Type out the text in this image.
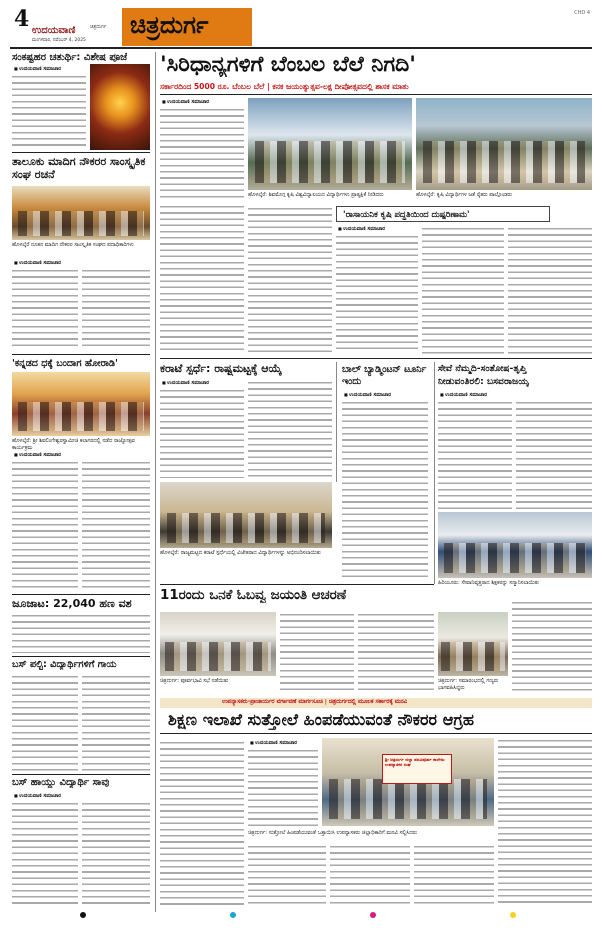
4 ಉದಯವಾಣಿ
ಮಂಗಳವಾರ, ನವೆಂಬರ್ 4, 2025
ಚಿತ್ರದುರ್ಗ ಚಿತ್ರದುರ್ಗ	CHD 4
ಸಂಕಷ್ಟಹರ ಚತುರ್ಥಿ: ವಿಶೇಷ ಪೂಜೆ
■ ಉದಯವಾಣಿ ಸಮಾಚಾರ
ತಾಲೂಕು ಮಾದಿಗ ನೌಕರರ ಸಾಂಸ್ಕೃತಿಕ ಸಂಘ ರಚನೆ
ಹೊಳಲ್ಕೆರೆ ನೂತನ ಮಾದಿಗ ನೌಕರರ ಸಾಂಸ್ಕೃತಿಕ ಸಂಘದ ಪದಾಧಿಕಾರಿಗಳು
■ ಉದಯವಾಣಿ ಸಮಾಚಾರ
'ಕನ್ನಡದ ಧಕ್ಕೆ ಬಂದಾಗ ಹೋರಾಡಿ'
ಹೊಳಲ್ಕೆರೆ: ಶ್ರೀ ಶಿವಲಿಂಗೇಶ್ವರಸ್ವಾಮೀಜಿ ಕಲಾಗರದಲ್ಲಿ ನಡೆದ ರಾಜ್ಯೋತ್ಸವ ಕಾರ್ಯಕ್ರಮ
■ ಉದಯವಾಣಿ ಸಮಾಚಾರ
ಜೂಜಾಟ: 22,040 ಹಣ ವಶ
ಬಸ್ ಪಲ್ಟಿ: ವಿದ್ಯಾರ್ಥಿಗಳಿಗೆ ಗಾಯ
ಬಸ್ ಹಾಯ್ದು ವಿದ್ಯಾರ್ಥಿ ಸಾವು
■ ಉದಯವಾಣಿ ಸಮಾಚಾರ
'ಸಿರಿಧಾನ್ಯಗಳಿಗೆ ಬೆಂಬಲ ಬೆಲೆ ನಿಗದಿ'
ಸರ್ಕಾರದಿಂದ 5000 ರೂ. ಬೆಂಬಲ ಬೆಲೆ | ಕನಕ ಜಯಂತ್ಯುತ್ಸವ-ಲಕ್ಷ ದೀಪೋತ್ಸವದಲ್ಲಿ ಶಾಸಕ ಮಾತು
■ ಉದಯವಾಣಿ ಸಮಾಚಾರ
ಹೊಳಲ್ಕೆರೆ: ಶಿವಮೊಗ್ಗ ಕೃಷಿ ವಿಶ್ವವಿದ್ಯಾಲಯದ ವಿದ್ಯಾರ್ಥಿಗಳು ಪ್ರಾತ್ಯಕ್ಷಿಕೆ ನೀಡಿದರು	ಹೊಳಲ್ಕೆರೆ: ಕೃಷಿ ವಿದ್ಯಾರ್ಥಿಗಳ ಜತೆ ರೈತರು ಪಾಲ್ಗೊಂಡರು
'ರಾಸಾಯನಿಕ ಕೃಷಿ ಪದ್ಧತಿಯಿಂದ ದುಷ್ಪರಿಣಾಮ'
■ ಉದಯವಾಣಿ ಸಮಾಚಾರ
ಕರಾಟೆ ಸ್ಪರ್ಧೆ: ರಾಷ್ಟ್ರಮಟ್ಟಕ್ಕೆ ಆಯ್ಕೆ
■ ಉದಯವಾಣಿ ಸಮಾಚಾರ
ಹೊಳಲ್ಕೆರೆ: ರಾಜ್ಯಮಟ್ಟದ ಕರಾಟೆ ಸ್ಪರ್ಧೆಯಲ್ಲಿ ವಿಜೇತರಾದ ವಿದ್ಯಾರ್ಥಿಗಳನ್ನು ಅಭಿನಂದಿಸಲಾಯಿತು
ಬಾಲ್ ಬ್ಯಾಡ್ಮಿಂಟನ್ ಟೂರ್ನಿ ಇಂದು
■ ಉದಯವಾಣಿ ಸಮಾಚಾರ
ಸೇವೆ ನೆಮ್ಮದಿ-ಸಂತೋಷ-ತೃಪ್ತಿ
ನೀಡುವಂತಿರಲಿ: ಬಸವರಾಜಯ್ಯ
■ ಉದಯವಾಣಿ ಸಮಾಚಾರ
ಹಿರಿಯೂರು: ಸೇವಾನಿವೃತ್ತರಾದ ಶಿಕ್ಷಕರನ್ನು ಸನ್ಮಾನಿಸಲಾಯಿತು
11ರಂದು ಒನಕೆ ಓಬವ್ವ ಜಯಂತಿ ಆಚರಣೆ
ಚಿತ್ರದುರ್ಗ: ಪೂರ್ವಭಾವಿ ಸಭೆ ನಡೆಯಿತು	ಚಿತ್ರದುರ್ಗ: ಸಮಾರಂಭದಲ್ಲಿ ಗಣ್ಯರು ಭಾಗವಹಿಸಿದ್ದರು
ಉಪನ್ಯಾಸಕರು-ಪ್ರಾಚಾರ್ಯರ ವರ್ಗಾವಣೆ ಮಾರ್ಗಸೂಚಿ | ಚಿತ್ರದುರ್ಗದಲ್ಲಿ ಮೂಲಕ ಸರ್ಕಾರಕ್ಕೆ ಮನವಿ
ಶಿಕ್ಷಣ ಇಲಾಖೆ ಸುತ್ತೋಲೆ ಹಿಂಪಡೆಯುವಂತೆ ನೌಕರರ ಆಗ್ರಹ
■ ಉದಯವಾಣಿ ಸಮಾಚಾರ
ಶ್ರೀ ಚಿತ್ರದುರ್ಗ ಜಿಲ್ಲಾ ಪದವಿಪೂರ್ವ ಕಾಲೇಜು ಉಪನ್ಯಾಸಕರ ಸಂಘ
ಚಿತ್ರದುರ್ಗ: ಸುತ್ತೋಲೆ ಹಿಂಪಡೆಯುವಂತೆ ಒತ್ತಾಯಿಸಿ ಉಪನ್ಯಾಸಕರು ಜಿಲ್ಲಾಧಿಕಾರಿಗೆ ಮನವಿ ಸಲ್ಲಿಸಿದರು
